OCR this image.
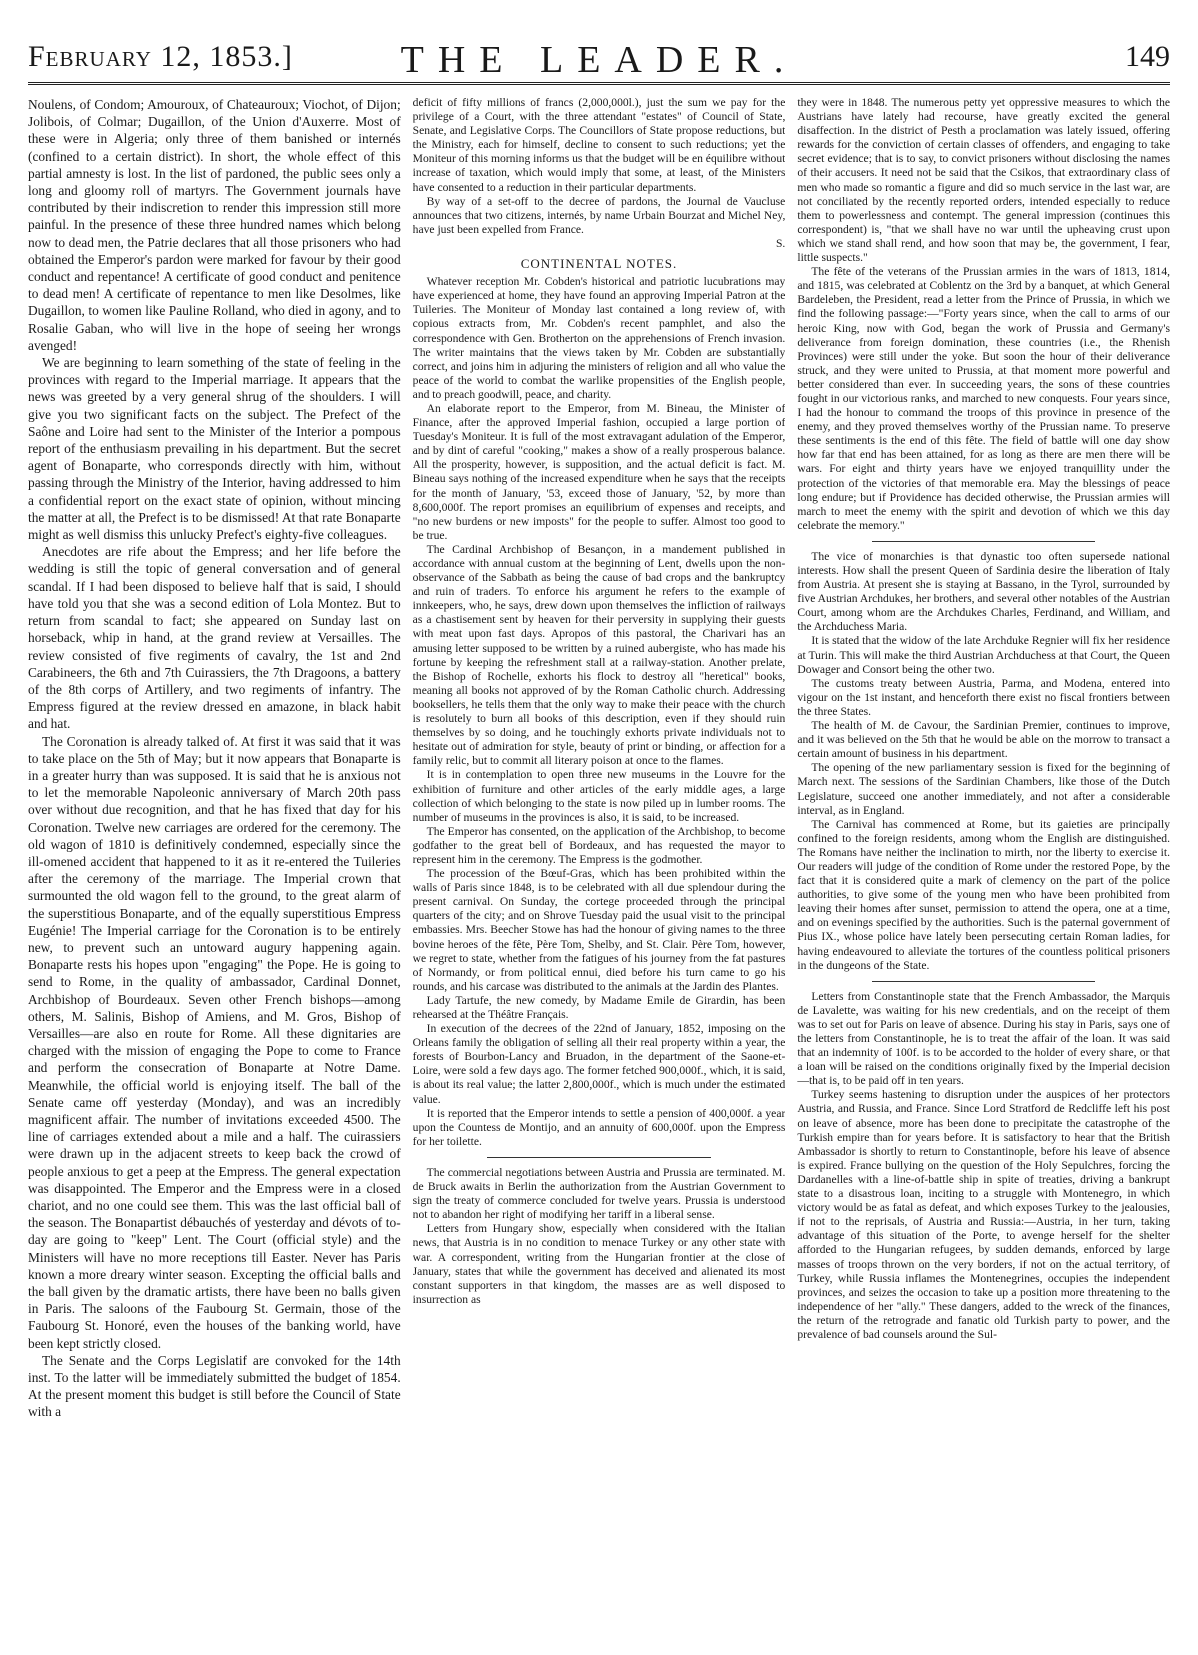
February 12, 1853.]	THE LEADER.	149

Noulens, of Condom; Amouroux, of Chateauroux; Viochot, of Dijon; Jolibois, of Colmar; Dugaillon, of the Union d'Auxerre. Most of these were in Algeria; only three of them banished or internés (confined to a certain district). In short, the whole effect of this partial amnesty is lost. In the list of pardoned, the public sees only a long and gloomy roll of martyrs. The Government journals have contributed by their indiscretion to render this impression still more painful. In the presence of these three hundred names which belong now to dead men, the Patrie declares that all those prisoners who had obtained the Emperor's pardon were marked for favour by their good conduct and repentance! A certificate of good conduct and penitence to dead men! A certificate of repentance to men like Desolmes, like Dugaillon, to women like Pauline Rolland, who died in agony, and to Rosalie Gaban, who will live in the hope of seeing her wrongs avenged!

We are beginning to learn something of the state of feeling in the provinces with regard to the Imperial marriage. It appears that the news was greeted by a very general shrug of the shoulders. I will give you two significant facts on the subject. The Prefect of the Saône and Loire had sent to the Minister of the Interior a pompous report of the enthusiasm prevailing in his department. But the secret agent of Bonaparte, who corresponds directly with him, without passing through the Ministry of the Interior, having addressed to him a confidential report on the exact state of opinion, without mincing the matter at all, the Prefect is to be dismissed! At that rate Bonaparte might as well dismiss this unlucky Prefect's eighty-five colleagues.

Anecdotes are rife about the Empress; and her life before the wedding is still the topic of general conversation and of general scandal. If I had been disposed to believe half that is said, I should have told you that she was a second edition of Lola Montez. But to return from scandal to fact; she appeared on Sunday last on horseback, whip in hand, at the grand review at Versailles. The review consisted of five regiments of cavalry, the 1st and 2nd Carabineers, the 6th and 7th Cuirassiers, the 7th Dragoons, a battery of the 8th corps of Artillery, and two regiments of infantry. The Empress figured at the review dressed en amazone, in black habit and hat.

The Coronation is already talked of. At first it was said that it was to take place on the 5th of May; but it now appears that Bonaparte is in a greater hurry than was supposed. It is said that he is anxious not to let the memorable Napoleonic anniversary of March 20th pass over without due recognition, and that he has fixed that day for his Coronation. Twelve new carriages are ordered for the ceremony. The old wagon of 1810 is definitively condemned, especially since the ill-omened accident that happened to it as it re-entered the Tuileries after the ceremony of the marriage. The Imperial crown that surmounted the old wagon fell to the ground, to the great alarm of the superstitious Bonaparte, and of the equally superstitious Empress Eugénie! The Imperial carriage for the Coronation is to be entirely new, to prevent such an untoward augury happening again. Bonaparte rests his hopes upon "engaging" the Pope. He is going to send to Rome, in the quality of ambassador, Cardinal Donnet, Archbishop of Bourdeaux. Seven other French bishops—among others, M. Salinis, Bishop of Amiens, and M. Gros, Bishop of Versailles—are also en route for Rome. All these dignitaries are charged with the mission of engaging the Pope to come to France and perform the consecration of Bonaparte at Notre Dame. Meanwhile, the official world is enjoying itself. The ball of the Senate came off yesterday (Monday), and was an incredibly magnificent affair. The number of invitations exceeded 4500. The line of carriages extended about a mile and a half. The cuirassiers were drawn up in the adjacent streets to keep back the crowd of people anxious to get a peep at the Empress. The general expectation was disappointed. The Emperor and the Empress were in a closed chariot, and no one could see them. This was the last official ball of the season. The Bonapartist débauchés of yesterday and dévots of to-day are going to "keep" Lent. The Court (official style) and the Ministers will have no more receptions till Easter. Never has Paris known a more dreary winter season. Excepting the official balls and the ball given by the dramatic artists, there have been no balls given in Paris. The saloons of the Faubourg St. Germain, those of the Faubourg St. Honoré, even the houses of the banking world, have been kept strictly closed.

The Senate and the Corps Legislatif are convoked for the 14th inst. To the latter will be immediately submitted the budget of 1854. At the present moment this budget is still before the Council of State with a

deficit of fifty millions of francs (2,000,000l.), just the sum we pay for the privilege of a Court, with the three attendant "estates" of Council of State, Senate, and Legislative Corps. The Councillors of State propose reductions, but the Ministry, each for himself, decline to consent to such reductions; yet the Moniteur of this morning informs us that the budget will be en équilibre without increase of taxation, which would imply that some, at least, of the Ministers have consented to a reduction in their particular departments.

By way of a set-off to the decree of pardons, the Journal de Vaucluse announces that two citizens, internés, by name Urbain Bourzat and Michel Ney, have just been expelled from France.

S.
CONTINENTAL NOTES.

Whatever reception Mr. Cobden's historical and patriotic lucubrations may have experienced at home, they have found an approving Imperial Patron at the Tuileries. The Moniteur of Monday last contained a long review of, with copious extracts from, Mr. Cobden's recent pamphlet, and also the correspondence with Gen. Brotherton on the apprehensions of French invasion. The writer maintains that the views taken by Mr. Cobden are substantially correct, and joins him in adjuring the ministers of religion and all who value the peace of the world to combat the warlike propensities of the English people, and to preach goodwill, peace, and charity.

An elaborate report to the Emperor, from M. Bineau, the Minister of Finance, after the approved Imperial fashion, occupied a large portion of Tuesday's Moniteur. It is full of the most extravagant adulation of the Emperor, and by dint of careful "cooking," makes a show of a really prosperous balance. All the prosperity, however, is supposition, and the actual deficit is fact. M. Bineau says nothing of the increased expenditure when he says that the receipts for the month of January, '53, exceed those of January, '52, by more than 8,600,000f. The report promises an equilibrium of expenses and receipts, and "no new burdens or new imposts" for the people to suffer. Almost too good to be true.

The Cardinal Archbishop of Besançon, in a mandement published in accordance with annual custom at the beginning of Lent, dwells upon the non-observance of the Sabbath as being the cause of bad crops and the bankruptcy and ruin of traders. To enforce his argument he refers to the example of innkeepers, who, he says, drew down upon themselves the infliction of railways as a chastisement sent by heaven for their perversity in supplying their guests with meat upon fast days. Apropos of this pastoral, the Charivari has an amusing letter supposed to be written by a ruined aubergiste, who has made his fortune by keeping the refreshment stall at a railway-station. Another prelate, the Bishop of Rochelle, exhorts his flock to destroy all "heretical" books, meaning all books not approved of by the Roman Catholic church. Addressing booksellers, he tells them that the only way to make their peace with the church is resolutely to burn all books of this description, even if they should ruin themselves by so doing, and he touchingly exhorts private individuals not to hesitate out of admiration for style, beauty of print or binding, or affection for a family relic, but to commit all literary poison at once to the flames.

It is in contemplation to open three new museums in the Louvre for the exhibition of furniture and other articles of the early middle ages, a large collection of which belonging to the state is now piled up in lumber rooms. The number of museums in the provinces is also, it is said, to be increased.

The Emperor has consented, on the application of the Archbishop, to become godfather to the great bell of Bordeaux, and has requested the mayor to represent him in the ceremony. The Empress is the godmother.

The procession of the Bœuf-Gras, which has been prohibited within the walls of Paris since 1848, is to be celebrated with all due splendour during the present carnival. On Sunday, the cortege proceeded through the principal quarters of the city; and on Shrove Tuesday paid the usual visit to the principal embassies. Mrs. Beecher Stowe has had the honour of giving names to the three bovine heroes of the fête, Père Tom, Shelby, and St. Clair. Père Tom, however, we regret to state, whether from the fatigues of his journey from the fat pastures of Normandy, or from political ennui, died before his turn came to go his rounds, and his carcase was distributed to the animals at the Jardin des Plantes.

Lady Tartufe, the new comedy, by Madame Emile de Girardin, has been rehearsed at the Théâtre Français.

In execution of the decrees of the 22nd of January, 1852, imposing on the Orleans family the obligation of selling all their real property within a year, the forests of Bourbon-Lancy and Bruadon, in the department of the Saone-et-Loire, were sold a few days ago. The former fetched 900,000f., which, it is said, is about its real value; the latter 2,800,000f., which is much under the estimated value.

It is reported that the Emperor intends to settle a pension of 400,000f. a year upon the Countess de Montijo, and an annuity of 600,000f. upon the Empress for her toilette.

The commercial negotiations between Austria and Prussia are terminated. M. de Bruck awaits in Berlin the authorization from the Austrian Government to sign the treaty of commerce concluded for twelve years. Prussia is understood not to abandon her right of modifying her tariff in a liberal sense.

Letters from Hungary show, especially when considered with the Italian news, that Austria is in no condition to menace Turkey or any other state with war. A correspondent, writing from the Hungarian frontier at the close of January, states that while the government has deceived and alienated its most constant supporters in that kingdom, the masses are as well disposed to insurrection as

they were in 1848. The numerous petty yet oppressive measures to which the Austrians have lately had recourse, have greatly excited the general disaffection. In the district of Pesth a proclamation was lately issued, offering rewards for the conviction of certain classes of offenders, and engaging to take secret evidence; that is to say, to convict prisoners without disclosing the names of their accusers. It need not be said that the Csikos, that extraordinary class of men who made so romantic a figure and did so much service in the last war, are not conciliated by the recently reported orders, intended especially to reduce them to powerlessness and contempt. The general impression (continues this correspondent) is, "that we shall have no war until the upheaving crust upon which we stand shall rend, and how soon that may be, the government, I fear, little suspects."

The fête of the veterans of the Prussian armies in the wars of 1813, 1814, and 1815, was celebrated at Coblentz on the 3rd by a banquet, at which General Bardeleben, the President, read a letter from the Prince of Prussia, in which we find the following passage:—"Forty years since, when the call to arms of our heroic King, now with God, began the work of Prussia and Germany's deliverance from foreign domination, these countries (i.e., the Rhenish Provinces) were still under the yoke. But soon the hour of their deliverance struck, and they were united to Prussia, at that moment more powerful and better considered than ever. In succeeding years, the sons of these countries fought in our victorious ranks, and marched to new conquests. Four years since, I had the honour to command the troops of this province in presence of the enemy, and they proved themselves worthy of the Prussian name. To preserve these sentiments is the end of this fête. The field of battle will one day show how far that end has been attained, for as long as there are men there will be wars. For eight and thirty years have we enjoyed tranquillity under the protection of the victories of that memorable era. May the blessings of peace long endure; but if Providence has decided otherwise, the Prussian armies will march to meet the enemy with the spirit and devotion of which we this day celebrate the memory."

The vice of monarchies is that dynastic too often supersede national interests. How shall the present Queen of Sardinia desire the liberation of Italy from Austria. At present she is staying at Bassano, in the Tyrol, surrounded by five Austrian Archdukes, her brothers, and several other notables of the Austrian Court, among whom are the Archdukes Charles, Ferdinand, and William, and the Archduchess Maria.

It is stated that the widow of the late Archduke Regnier will fix her residence at Turin. This will make the third Austrian Archduchess at that Court, the Queen Dowager and Consort being the other two.

The customs treaty between Austria, Parma, and Modena, entered into vigour on the 1st instant, and henceforth there exist no fiscal frontiers between the three States.

The health of M. de Cavour, the Sardinian Premier, continues to improve, and it was believed on the 5th that he would be able on the morrow to transact a certain amount of business in his department.

The opening of the new parliamentary session is fixed for the beginning of March next. The sessions of the Sardinian Chambers, like those of the Dutch Legislature, succeed one another immediately, and not after a considerable interval, as in England.

The Carnival has commenced at Rome, but its gaieties are principally confined to the foreign residents, among whom the English are distinguished. The Romans have neither the inclination to mirth, nor the liberty to exercise it. Our readers will judge of the condition of Rome under the restored Pope, by the fact that it is considered quite a mark of clemency on the part of the police authorities, to give some of the young men who have been prohibited from leaving their homes after sunset, permission to attend the opera, one at a time, and on evenings specified by the authorities. Such is the paternal government of Pius IX., whose police have lately been persecuting certain Roman ladies, for having endeavoured to alleviate the tortures of the countless political prisoners in the dungeons of the State.

Letters from Constantinople state that the French Ambassador, the Marquis de Lavalette, was waiting for his new credentials, and on the receipt of them was to set out for Paris on leave of absence. During his stay in Paris, says one of the letters from Constantinople, he is to treat the affair of the loan. It was said that an indemnity of 100f. is to be accorded to the holder of every share, or that a loan will be raised on the conditions originally fixed by the Imperial decision—that is, to be paid off in ten years.

Turkey seems hastening to disruption under the auspices of her protectors Austria, and Russia, and France. Since Lord Stratford de Redcliffe left his post on leave of absence, more has been done to precipitate the catastrophe of the Turkish empire than for years before. It is satisfactory to hear that the British Ambassador is shortly to return to Constantinople, before his leave of absence is expired. France bullying on the question of the Holy Sepulchres, forcing the Dardanelles with a line-of-battle ship in spite of treaties, driving a bankrupt state to a disastrous loan, inciting to a struggle with Montenegro, in which victory would be as fatal as defeat, and which exposes Turkey to the jealousies, if not to the reprisals, of Austria and Russia:—Austria, in her turn, taking advantage of this situation of the Porte, to avenge herself for the shelter afforded to the Hungarian refugees, by sudden demands, enforced by large masses of troops thrown on the very borders, if not on the actual territory, of Turkey, while Russia inflames the Montenegrines, occupies the independent provinces, and seizes the occasion to take up a position more threatening to the independence of her "ally." These dangers, added to the wreck of the finances, the return of the retrograde and fanatic old Turkish party to power, and the prevalence of bad counsels around the Sul-
